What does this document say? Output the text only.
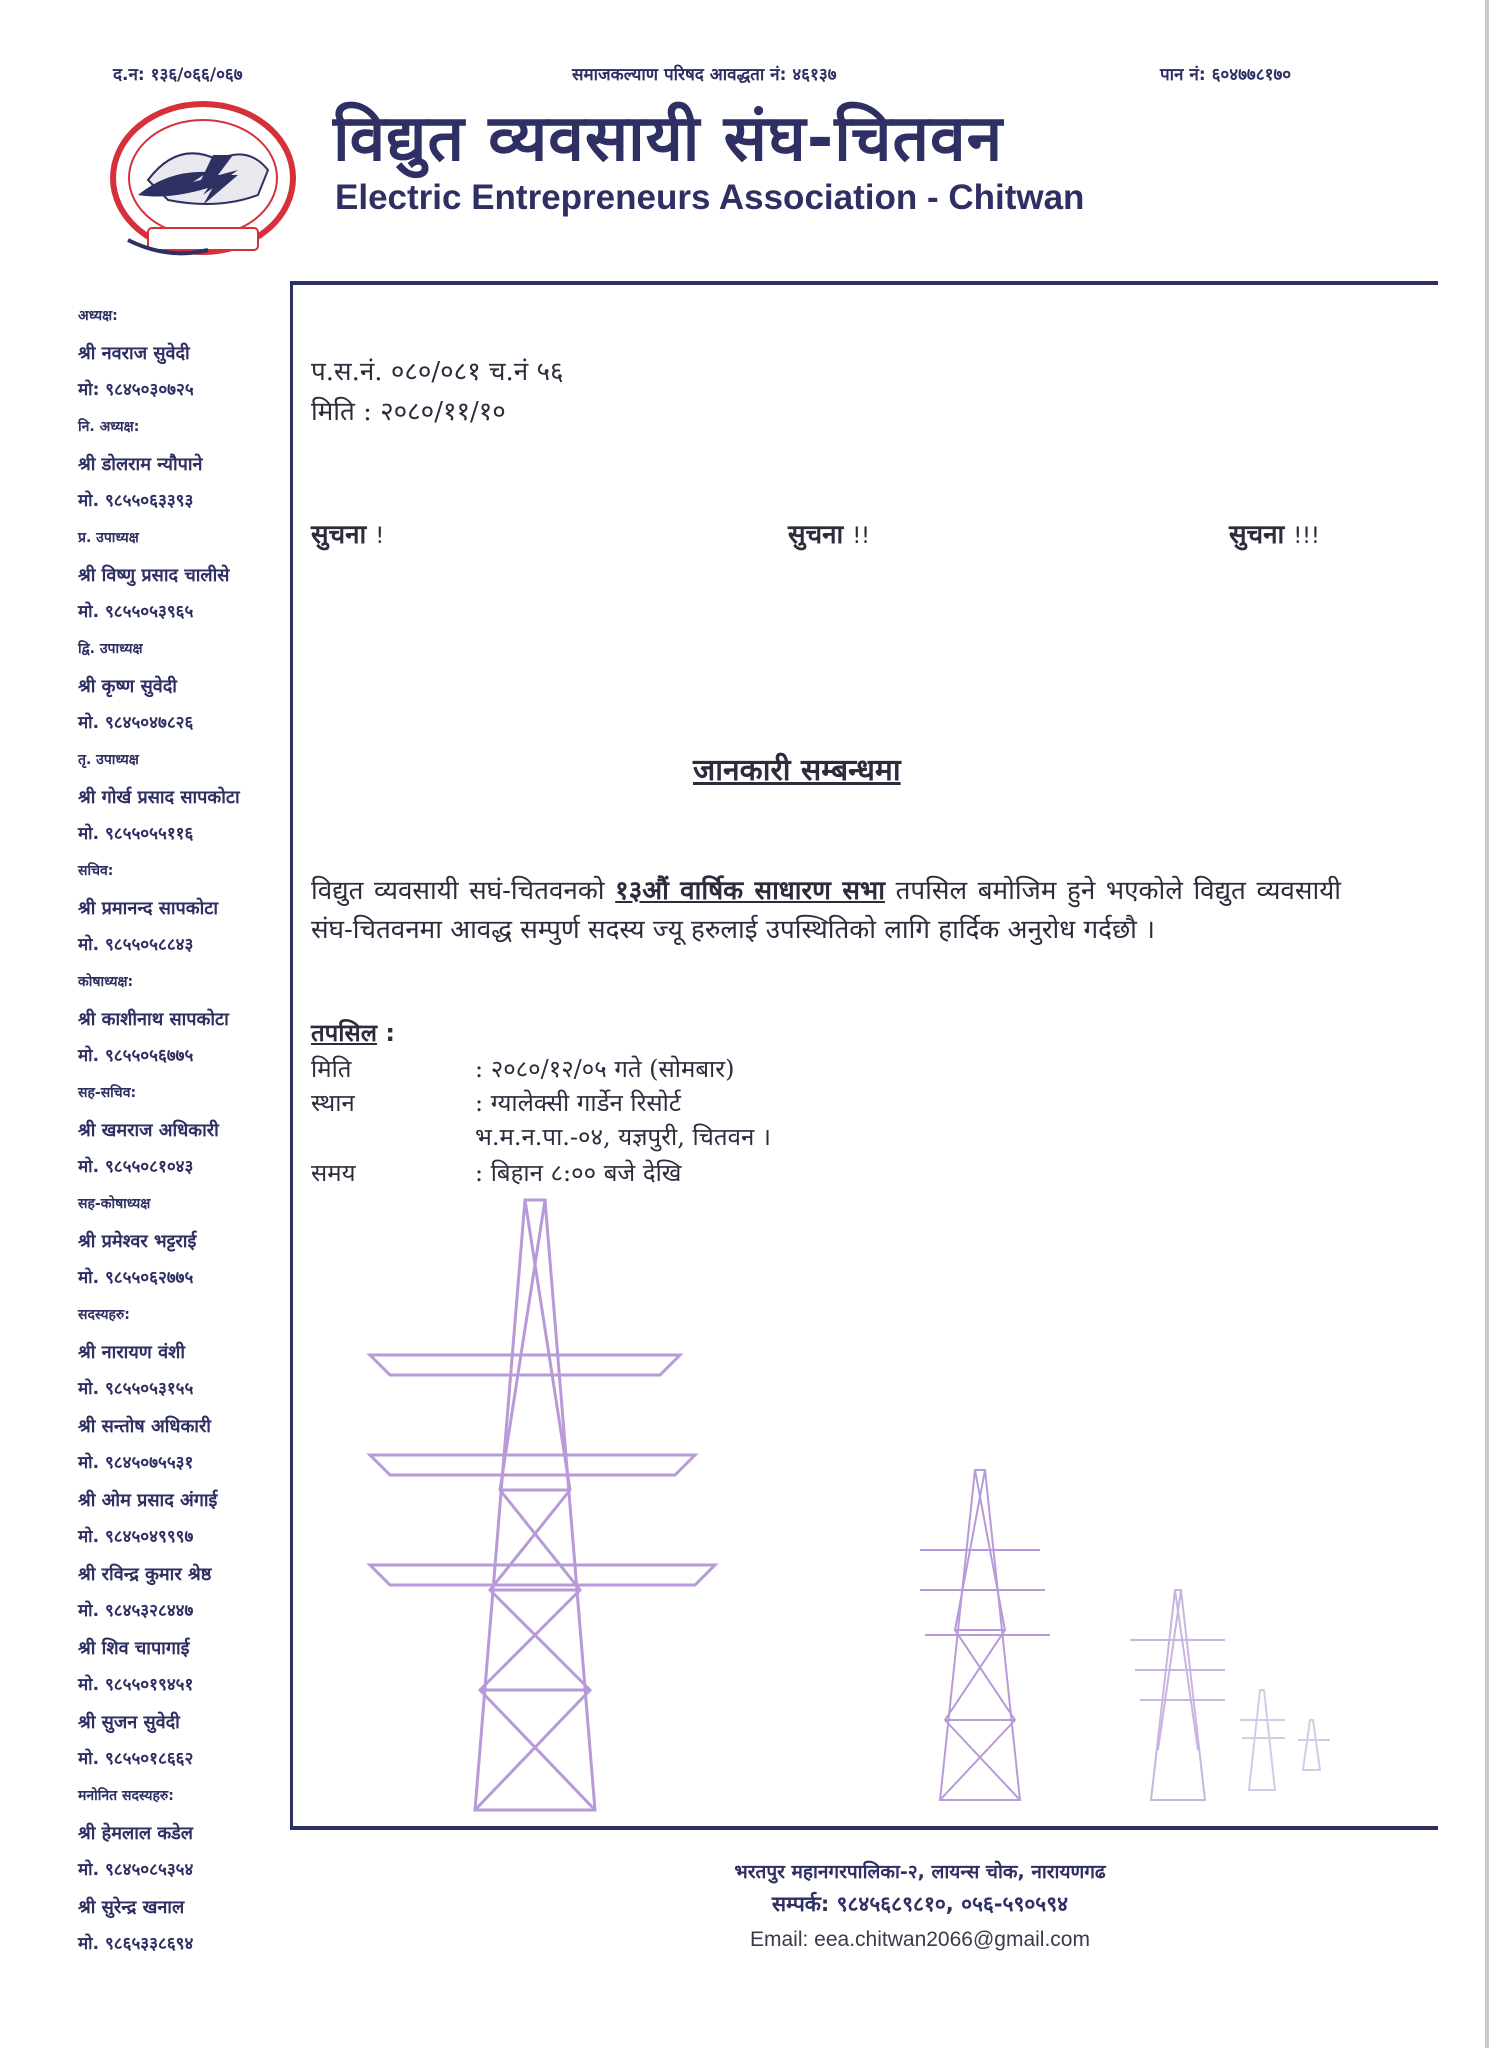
द.न: १३६/०६६/०६७	समाजकल्याण परिषद आवद्धता नं: ४६१३७	पान नं: ६०४७७८१७०
विद्युत व्यवसायी संघ-चितवन
Electric Entrepreneurs Association - Chitwan
अध्यक्ष:
श्री नवराज सुवेदी
मो: ९८४५०३०७२५
नि. अध्यक्ष:
श्री डोलराम न्यौपाने
मो. ९८५५०६३३९३
प्र. उपाध्यक्ष
श्री विष्णु प्रसाद चालीसे
मो. ९८५५०५३९६५
द्वि. उपाध्यक्ष
श्री कृष्ण सुवेदी
मो. ९८४५०४७८२६
तृ. उपाध्यक्ष
श्री गोर्ख प्रसाद सापकोटा
मो. ९८५५०५५११६
सचिव:
श्री प्रमानन्द सापकोटा
मो. ९८५५०५८८४३
कोषाध्यक्ष:
श्री काशीनाथ सापकोटा
मो. ९८५५०५६७७५
सह-सचिव:
श्री खमराज अधिकारी
मो. ९८५५०८१०४३
सह-कोषाध्यक्ष
श्री प्रमेश्वर भट्टराई
मो. ९८५५०६२७७५
सदस्यहरु:
श्री नारायण वंशी
मो. ९८५५०५३१५५
श्री सन्तोष अधिकारी
मो. ९८४५०७५५३१
श्री ओम प्रसाद अंगाई
मो. ९८४५०४९९९७
श्री रविन्द्र कुमार श्रेष्ठ
मो. ९८४५३२८४४७
श्री शिव चापागाई
मो. ९८५५०१९४५१
श्री सुजन सुवेदी
मो. ९८५५०१८६६२
मनोनित सदस्यहरु:
श्री हेमलाल कडेल
मो. ९८४५०८५३५४
श्री सुरेन्द्र खनाल
मो. ९८६५३३८६९४
प.स.नं. ०८०/०८१ च.नं ५६
मिति : २०८०/११/१०
सुचना !	सुचना !!	सुचना !!!
जानकारी सम्बन्धमा
विद्युत व्यवसायी सघं-चितवनको १३औं वार्षिक साधारण सभा तपसिल बमोजिम हुने भएकोले विद्युत व्यवसायी संघ-चितवनमा आवद्ध सम्पुर्ण सदस्य ज्यू हरुलाई उपस्थितिको लागि हार्दिक अनुरोध गर्दछौ ।
तपसिल :
मिति	: २०८०/१२/०५ गते (सोमबार)
स्थान	: ग्यालेक्सी गार्डेन रिसोर्ट
भ.म.न.पा.-०४, यज्ञपुरी, चितवन ।
समय	: बिहान ८:०० बजे देखि
भरतपुर महानगरपालिका-२, लायन्स चोक, नारायणगढ
सम्पर्क: ९८४५६८९८१०, ०५६-५९०५९४
Email: eea.chitwan2066@gmail.com
